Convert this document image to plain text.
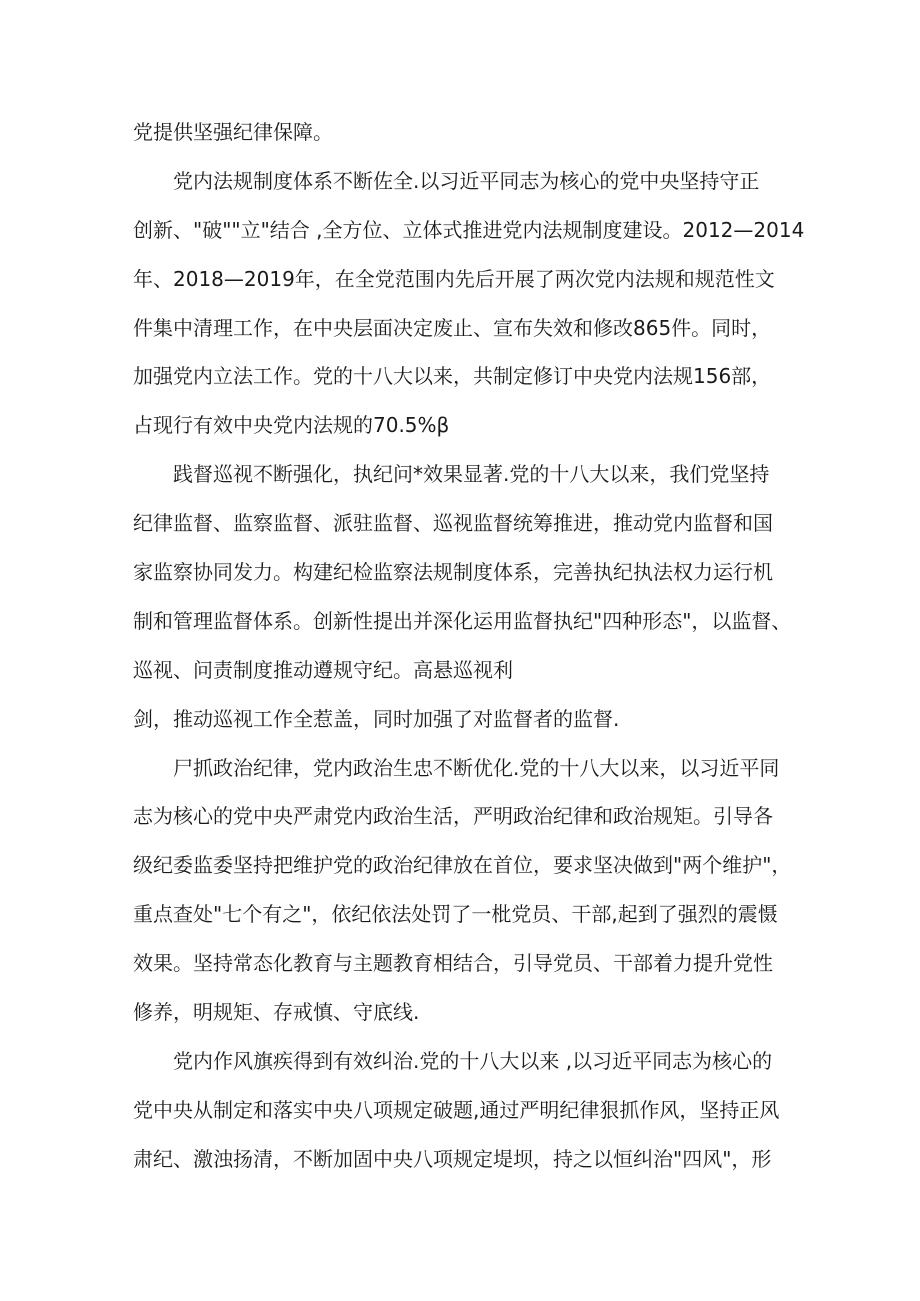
党提供坚强纪律保障。
党内法规制度体系不断佐全.以习近平同志为核心的党中央坚持守正
创新、"破""立"结合 ,全方位、立体式推进党内法规制度建设。2012—2014
年、2018—2019年，在全党范围内先后开展了两次党内法规和规范性文
件集中清理工作，在中央层面决定废止、宣布失效和修改865件。同时，
加强党内立法工作。党的十八大以来，共制定修订中央党内法规156部，
占现行有效中央党内法规的70.5%β
践督巡视不断强化，执纪问*效果显著.党的十八大以来，我们党坚持
纪律监督、监察监督、派驻监督、巡视监督统筹推进，推动党内监督和国
家监察协同发力。构建纪检监察法规制度体系，完善执纪执法权力运行机
制和管理监督体系。创新性提出并深化运用监督执纪"四种形态"，以监督、
巡视、问责制度推动遵规守纪。高悬巡视利
剑，推动巡视工作全惹盖，同时加强了对监督者的监督.
尸抓政治纪律，党内政治生忠不断优化.党的十八大以来，以习近平同
志为核心的党中央严肃党内政治生活，严明政治纪律和政治规矩。引导各
级纪委监委坚持把维护党的政治纪律放在首位，要求坚决做到"两个维护"，
重点查处"七个有之"，依纪依法处罚了一枇党员、干部,起到了强烈的震慑
效果。坚持常态化教育与主题教育相结合，引导党员、干部着力提升党性
修养，明规矩、存戒慎、守底线.
党内作风旗疾得到有效纠治.党的十八大以来 ,以习近平同志为核心的
党中央从制定和落实中央八项规定破题,通过严明纪律狠抓作风，坚持正风
肃纪、激浊扬清，不断加固中央八项规定堤坝，持之以恒纠治"四风"，形
